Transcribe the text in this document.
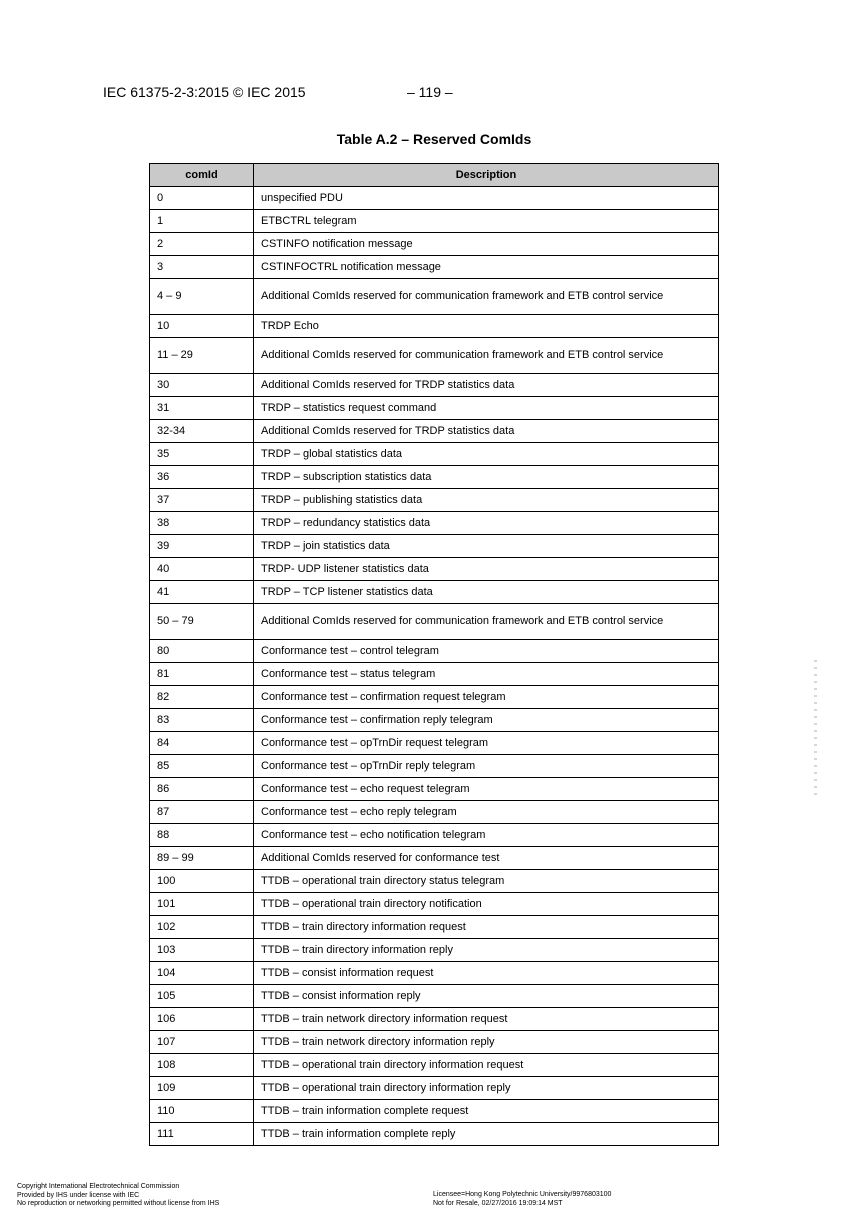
IEC 61375-2-3:2015 © IEC 2015	– 119 –
Table A.2 – Reserved ComIds
comId	Description
0	unspecified PDU
1	ETBCTRL telegram
2	CSTINFO notification message
3	CSTINFOCTRL notification message
4 – 9	Additional ComIds reserved for communication framework and ETB control service
10	TRDP Echo
11 – 29	Additional ComIds reserved for communication framework and ETB control service
30	Additional ComIds reserved for TRDP statistics data
31	TRDP – statistics request command
32-34	Additional ComIds reserved for TRDP statistics data
35	TRDP – global statistics data
36	TRDP – subscription statistics data
37	TRDP – publishing statistics data
38	TRDP – redundancy statistics data
39	TRDP – join statistics data
40	TRDP- UDP listener statistics data
41	TRDP – TCP listener statistics data
50 – 79	Additional ComIds reserved for communication framework and ETB control service
80	Conformance test – control telegram
81	Conformance test – status telegram
82	Conformance test – confirmation request telegram
83	Conformance test – confirmation reply telegram
84	Conformance test – opTrnDir request telegram
85	Conformance test – opTrnDir reply telegram
86	Conformance test – echo request telegram
87	Conformance test – echo reply telegram
88	Conformance test – echo notification telegram
89 – 99	Additional ComIds reserved for conformance test
100	TTDB – operational train directory status telegram
101	TTDB – operational train directory notification
102	TTDB – train directory information request
103	TTDB – train directory information reply
104	TTDB – consist information request
105	TTDB – consist information reply
106	TTDB – train network directory information request
107	TTDB – train network directory information reply
108	TTDB – operational train directory information request
109	TTDB – operational train directory information reply
110	TTDB – train information complete request
111	TTDB – train information complete reply
Copyright International Electrotechnical Commission
Provided by IHS under license with IEC
No reproduction or networking permitted without license from IHS
Licensee=Hong Kong Polytechnic University/9976803100
Not for Resale, 02/27/2016 19:09:14 MST
